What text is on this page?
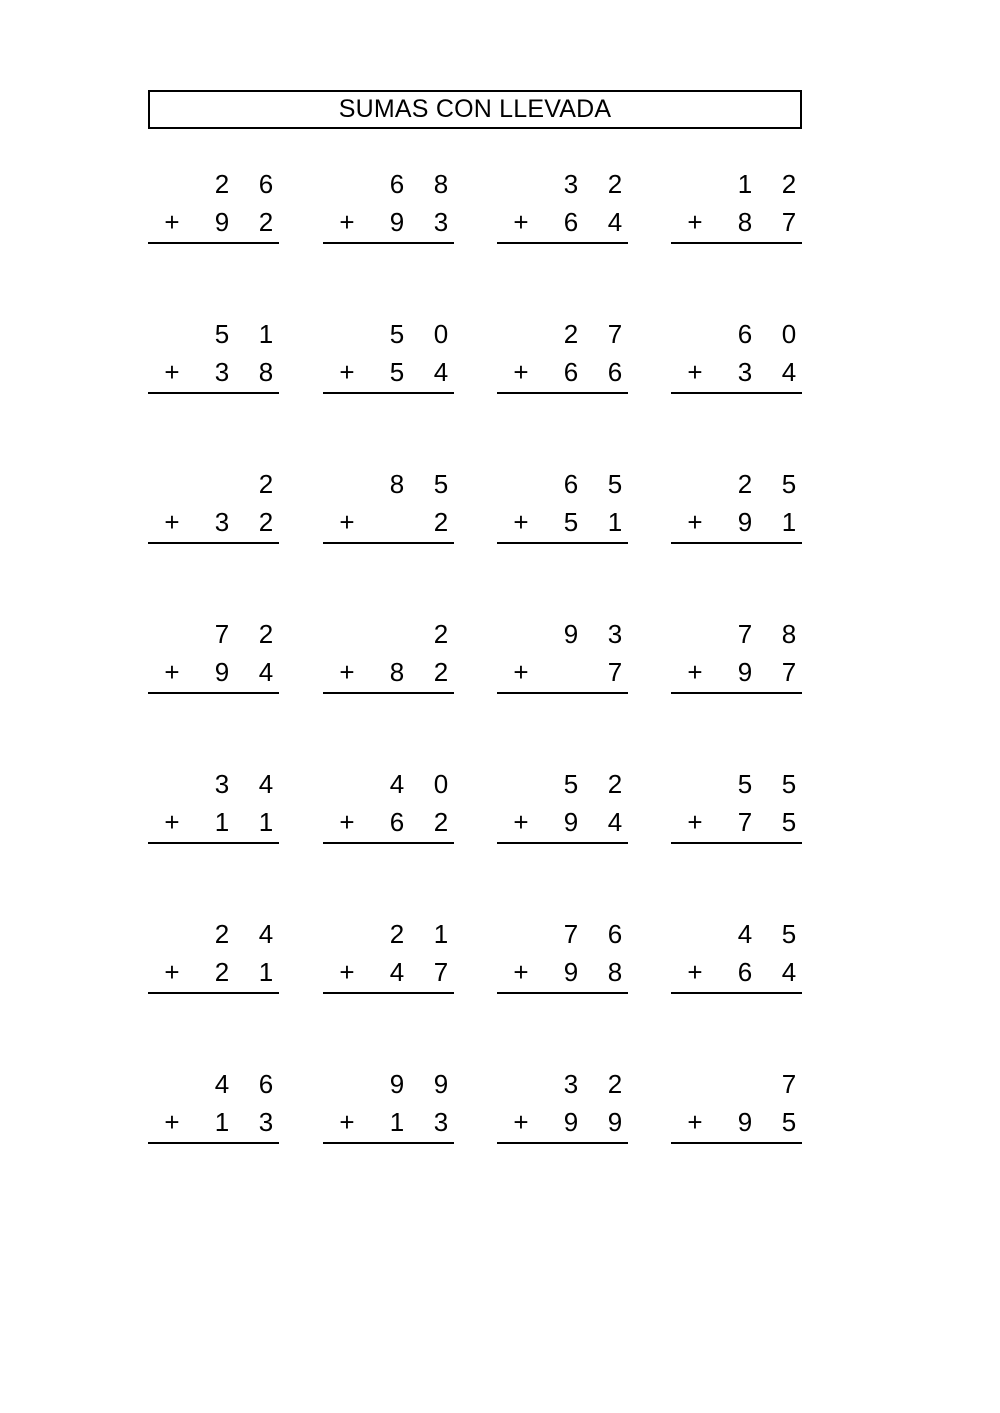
SUMAS CON LLEVADA
2 6
+ 9 2
6 8
+ 9 3
3 2
+ 6 4
1 2
+ 8 7
5 1
+ 3 8
5 0
+ 5 4
2 7
+ 6 6
6 0
+ 3 4
2
+ 3 2
8 5
+	2
6 5
+ 5 1
2 5
+ 9 1
7 2
+ 9 4
2
+ 8 2
9 3
+	7
7 8
+ 9 7
3 4
+ 1 1
4 0
+ 6 2
5 2
+ 9 4
5 5
+ 7 5
2 4
+ 2 1
2 1
+ 4 7
7 6
+ 9 8
4 5
+ 6 4
4 6
+ 1 3
9 9
+ 1 3
3 2
+ 9 9
7
+ 9 5
